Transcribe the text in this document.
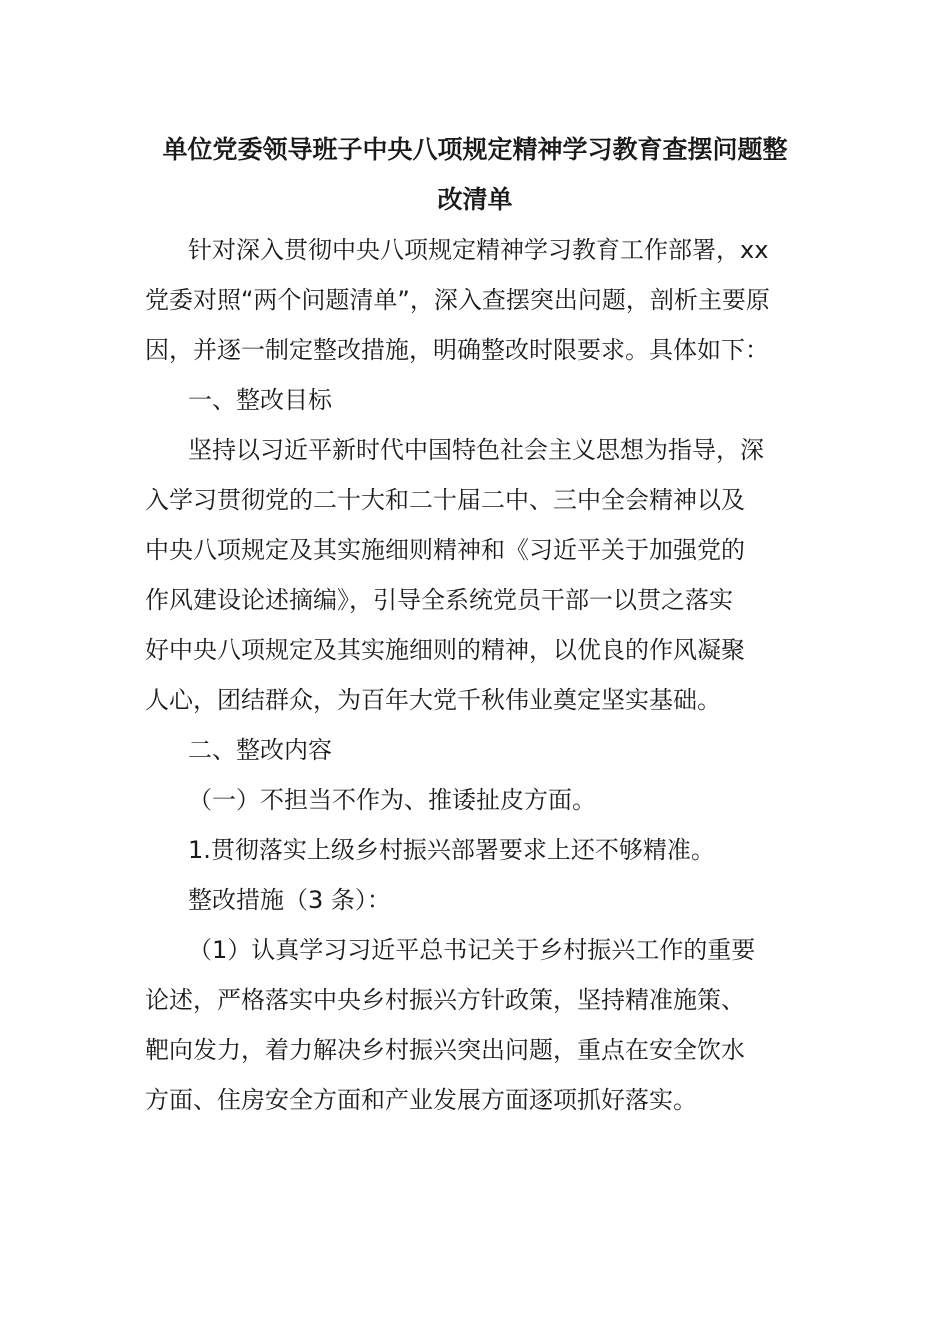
单位党委领导班子中央八项规定精神学习教育查摆问题整
改清单
针对深入贯彻中央八项规定精神学习教育工作部署，xx
党委对照“两个问题清单”，深入查摆突出问题，剖析主要原
因，并逐一制定整改措施，明确整改时限要求。具体如下：
一、整改目标
坚持以习近平新时代中国特色社会主义思想为指导，深
入学习贯彻党的二十大和二十届二中、三中全会精神以及
中央八项规定及其实施细则精神和《习近平关于加强党的
作风建设论述摘编》，引导全系统党员干部一以贯之落实
好中央八项规定及其实施细则的精神，以优良的作风凝聚
人心，团结群众，为百年大党千秋伟业奠定坚实基础。
二、整改内容
（一）不担当不作为、推诿扯皮方面。
1.贯彻落实上级乡村振兴部署要求上还不够精准。
整改措施（3 条）：
（1）认真学习习近平总书记关于乡村振兴工作的重要
论述，严格落实中央乡村振兴方针政策，坚持精准施策、
靶向发力，着力解决乡村振兴突出问题，重点在安全饮水
方面、住房安全方面和产业发展方面逐项抓好落实。
